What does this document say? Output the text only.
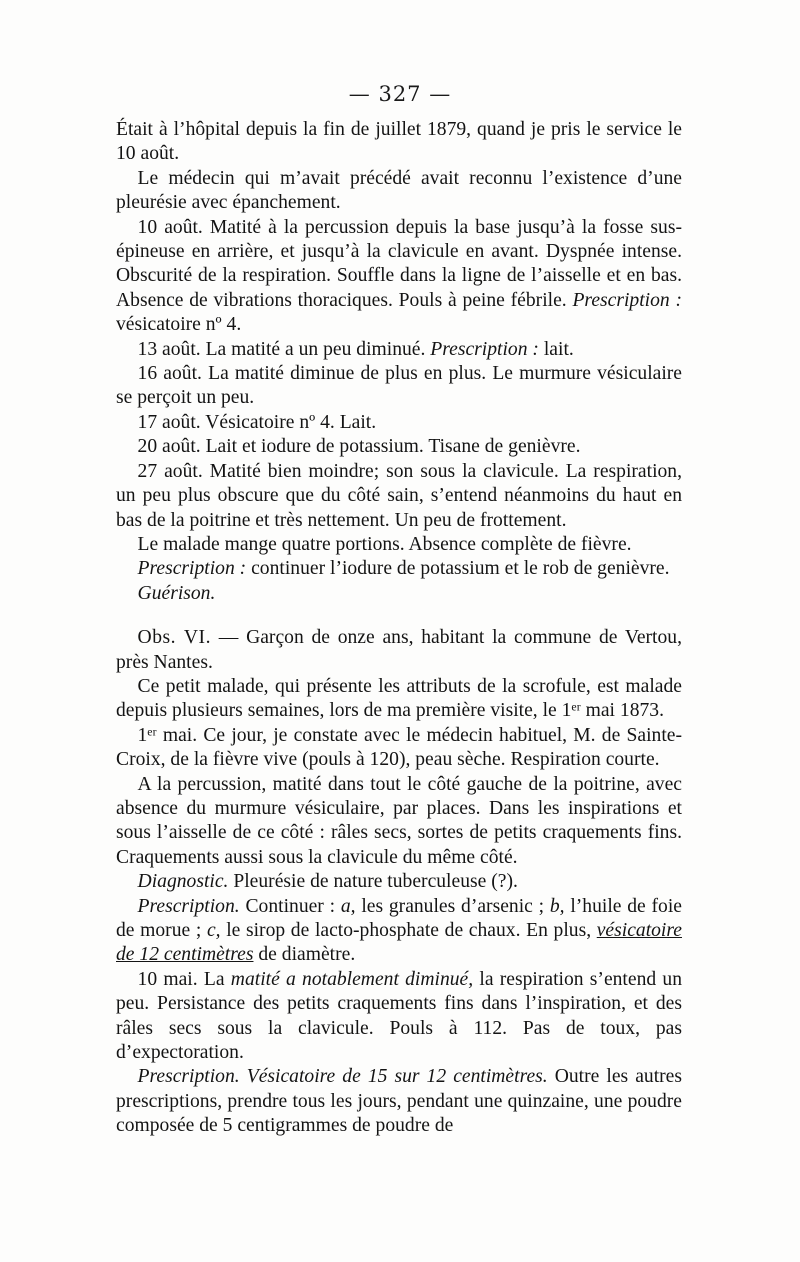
— 327 —

Était à l’hôpital depuis la fin de juillet 1879, quand je pris le service le 10 août.

Le médecin qui m’avait précédé avait reconnu l’existence d’une pleurésie avec épanchement.

10 août. Matité à la percussion depuis la base jusqu’à la fosse sus-épineuse en arrière, et jusqu’à la clavicule en avant. Dyspnée intense. Obscurité de la respiration. Souffle dans la ligne de l’aisselle et en bas. Absence de vibrations thoraciques. Pouls à peine fébrile. Prescription : vésicatoire nº 4.

13 août. La matité a un peu diminué. Prescription : lait.

16 août. La matité diminue de plus en plus. Le murmure vésiculaire se perçoit un peu.

17 août. Vésicatoire nº 4. Lait.

20 août. Lait et iodure de potassium. Tisane de genièvre.

27 août. Matité bien moindre; son sous la clavicule. La respiration, un peu plus obscure que du côté sain, s’entend néanmoins du haut en bas de la poitrine et très nettement. Un peu de frottement.

Le malade mange quatre portions. Absence complète de fièvre.

Prescription : continuer l’iodure de potassium et le rob de genièvre.

Guérison.

Obs. VI. — Garçon de onze ans, habitant la commune de Vertou, près Nantes.

Ce petit malade, qui présente les attributs de la scrofule, est malade depuis plusieurs semaines, lors de ma première visite, le 1ᵉʳ mai 1873.

1ᵉʳ mai. Ce jour, je constate avec le médecin habituel, M. de Sainte-Croix, de la fièvre vive (pouls à 120), peau sèche. Respiration courte.

A la percussion, matité dans tout le côté gauche de la poitrine, avec absence du murmure vésiculaire, par places. Dans les inspirations et sous l’aisselle de ce côté : râles secs, sortes de petits craquements fins. Craquements aussi sous la clavicule du même côté.

Diagnostic. Pleurésie de nature tuberculeuse (?).

Prescription. Continuer : a, les granules d’arsenic ; b, l’huile de foie de morue ; c, le sirop de lacto-phosphate de chaux. En plus, vésicatoire de 12 centimètres de diamètre.

10 mai. La matité a notablement diminué, la respiration s’entend un peu. Persistance des petits craquements fins dans l’inspiration, et des râles secs sous la clavicule. Pouls à 112. Pas de toux, pas d’expectoration.

Prescription. Vésicatoire de 15 sur 12 centimètres. Outre les autres prescriptions, prendre tous les jours, pendant une quinzaine, une poudre composée de 5 centigrammes de poudre de
